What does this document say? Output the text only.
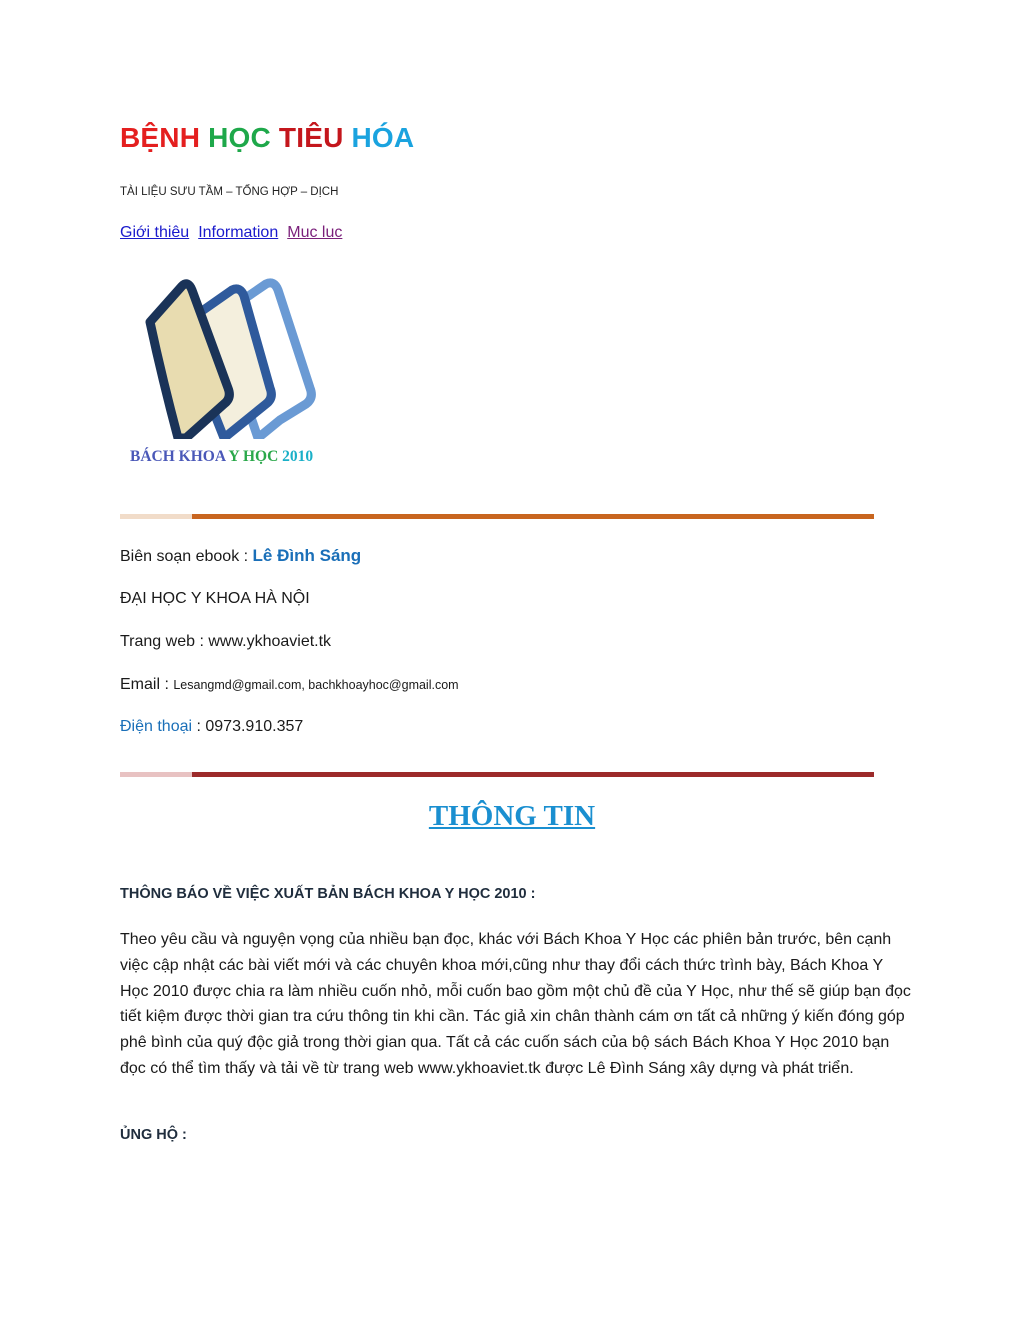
BỆNH HỌC TIÊU HÓA
TÀI LIỆU SƯU TẦM – TỔNG HỢP – DỊCH
Giới thiêu Information Muc luc
BÁCH KHOA Y HỌC 2010
Biên soạn ebook : Lê Đình Sáng
ĐẠI HỌC Y KHOA HÀ NỘI
Trang web : www.ykhoaviet.tk
Email : Lesangmd@gmail.com, bachkhoayhoc@gmail.com
Điện thoại : 0973.910.357
THÔNG TIN
THÔNG BÁO VỀ VIỆC XUẤT BẢN BÁCH KHOA Y HỌC 2010 :

Theo yêu cầu và nguyện vọng của nhiều bạn đọc, khác với Bách Khoa Y Học các phiên bản trước, bên cạnh việc cập nhật các bài viết mới và các chuyên khoa mới,cũng như thay đổi cách thức trình bày, Bách Khoa Y Học 2010 được chia ra làm nhiều cuốn nhỏ, mỗi cuốn bao gồm một chủ đề của Y Học, như thế sẽ giúp bạn đọc tiết kiệm được thời gian tra cứu thông tin khi cần. Tác giả xin chân thành cám ơn tất cả những ý kiến đóng góp phê bình của quý độc giả trong thời gian qua. Tất cả các cuốn sách của bộ sách Bách Khoa Y Học 2010 bạn đọc có thể tìm thấy và tải về từ trang web www.ykhoaviet.tk được Lê Đình Sáng xây dựng và phát triển.

ỦNG HỘ :
